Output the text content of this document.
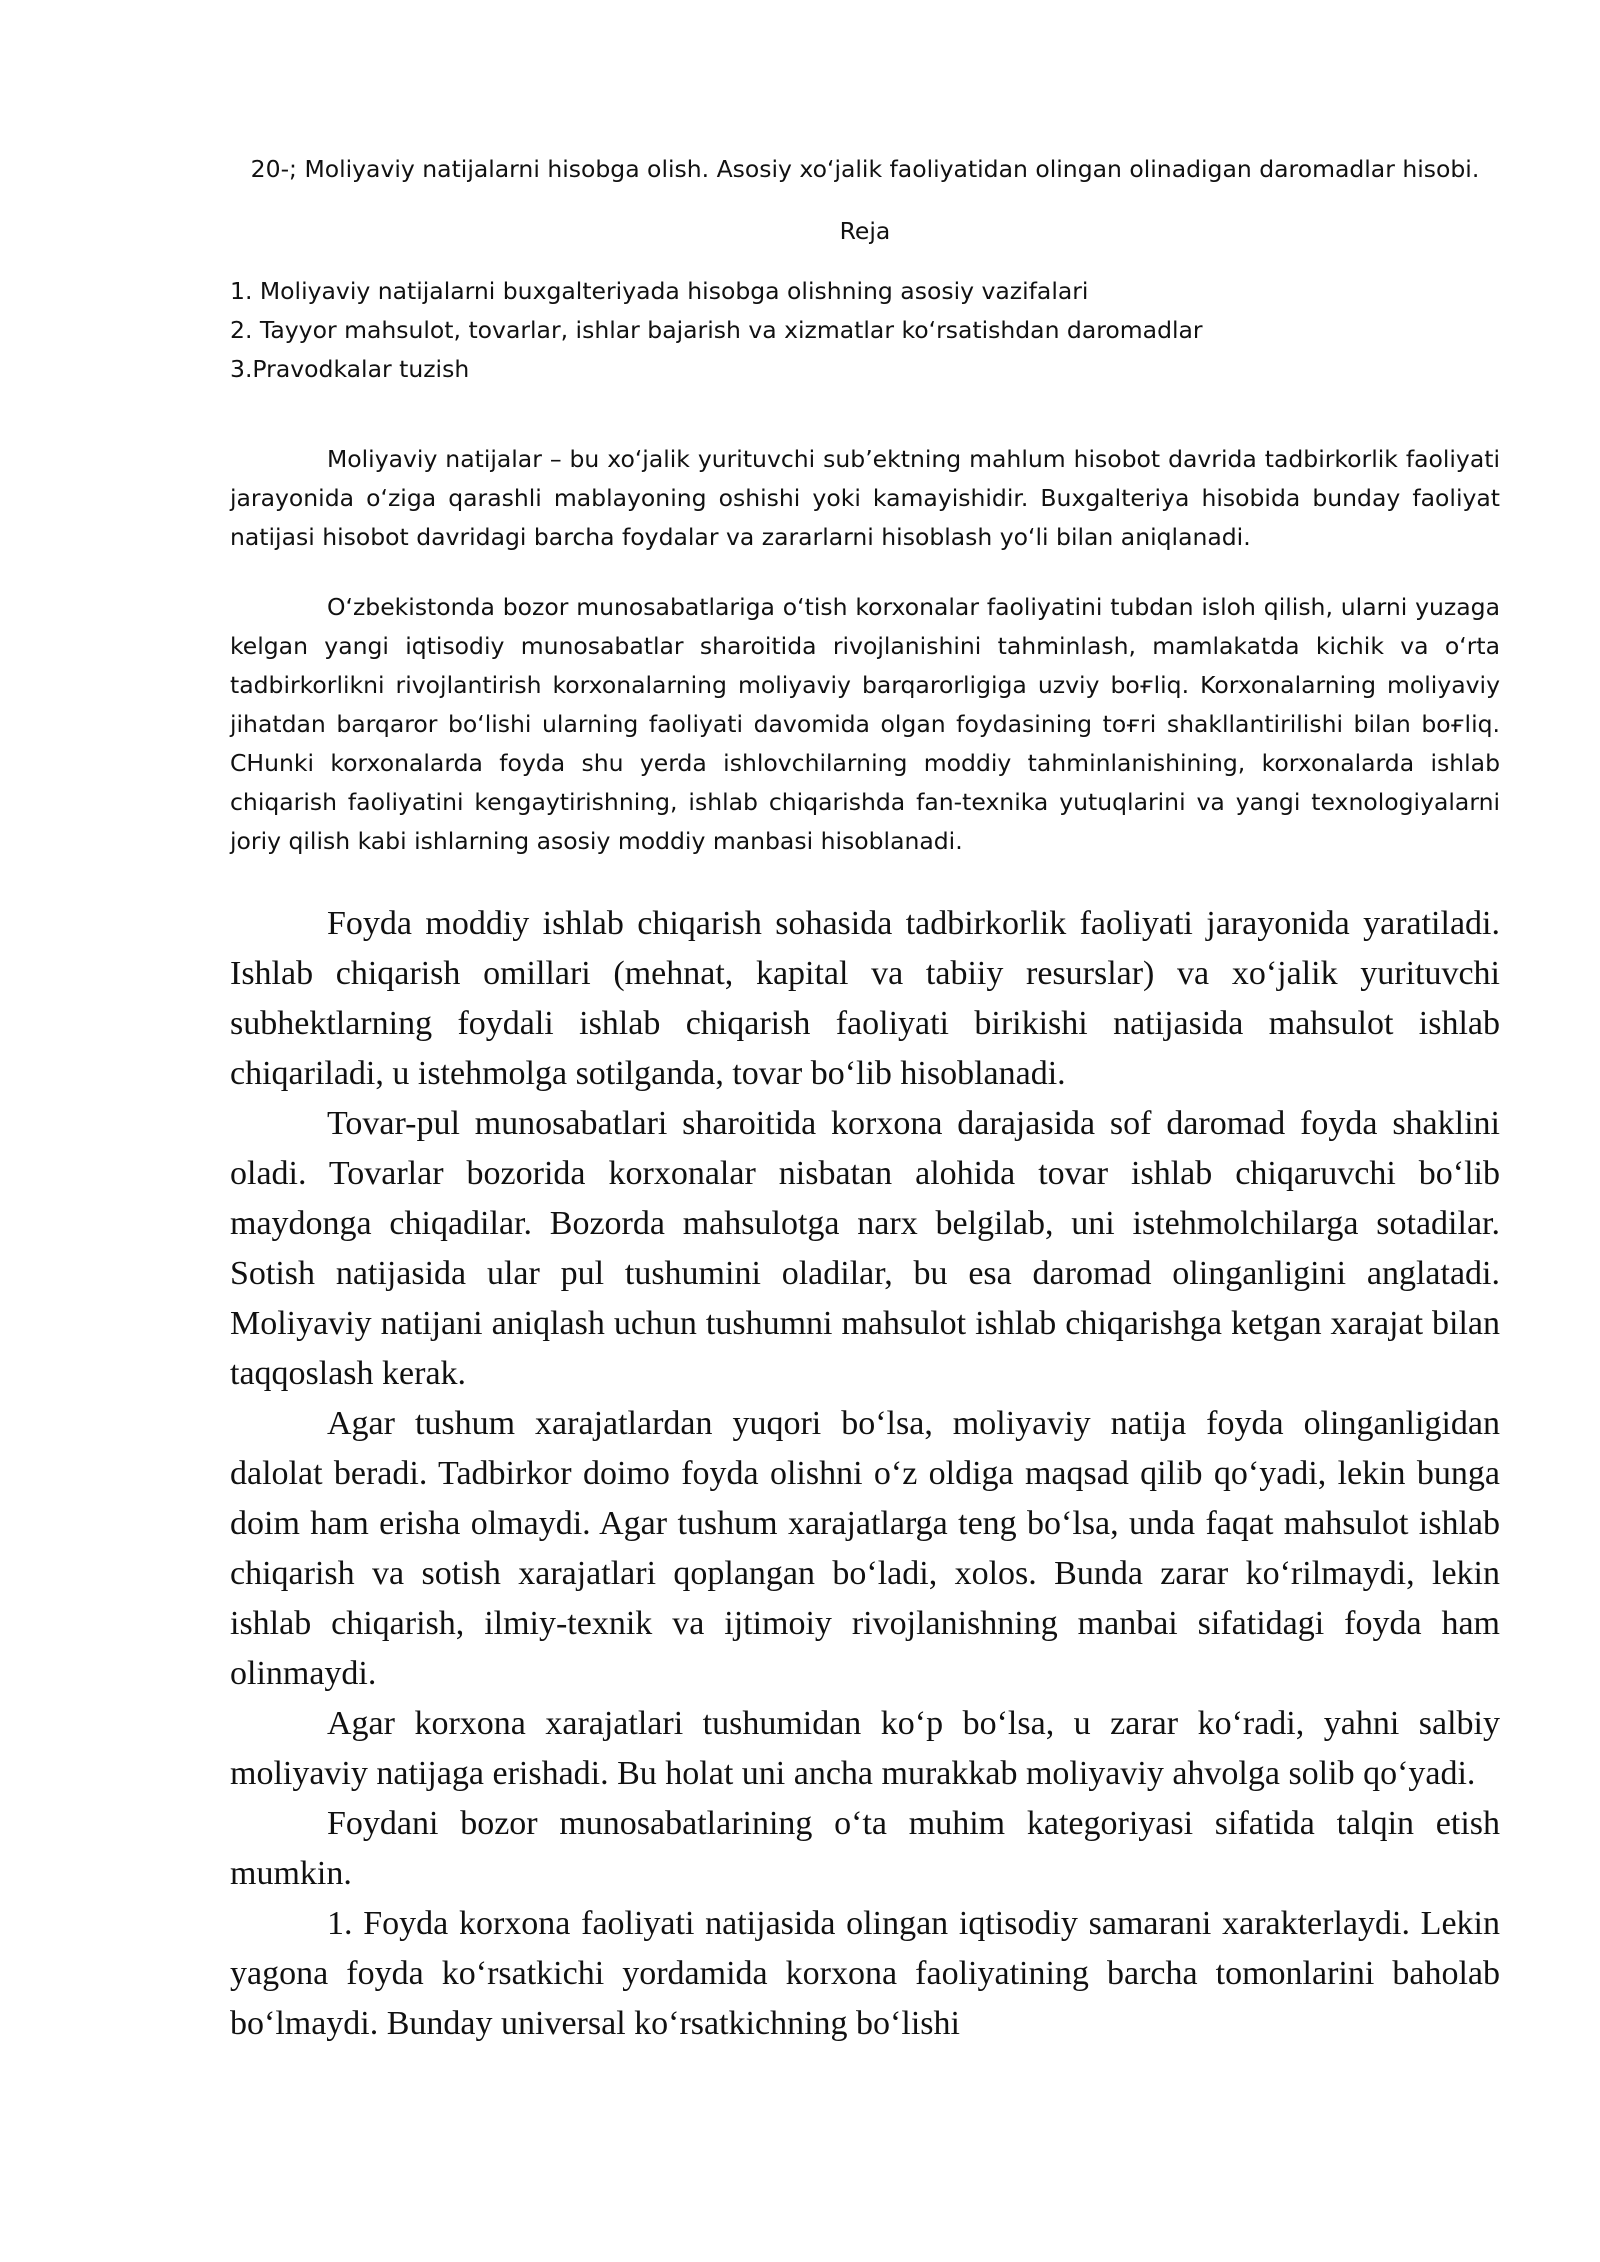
20-; Moliyaviy natijalarni hisobga olish. Asosiy xo‘jalik faoliyatidan olingan olinadigan daromadlar hisobi.
Reja
1. Moliyaviy natijalarni buxgalteriyada hisobga olishning asosiy vazifalari
2. Tayyor mahsulot, tovarlar, ishlar bajarish va xizmatlar ko‘rsatishdan daromadlar
3.Pravodkalar tuzish

Moliyaviy natijalar – bu xo‘jalik yurituvchi sub’ektning mahlum hisobot davrida tadbirkorlik faoliyati jarayonida o‘ziga qarashli mablayoning oshishi yoki kamayishidir. Buxgalteriya hisobida bunday faoliyat natijasi hisobot davridagi barcha foydalar va zararlarni hisoblash yo‘li bilan aniqlanadi.

O‘zbekistonda bozor munosabatlariga o‘tish korxonalar faoliyatini tubdan isloh qilish, ularni yuzaga kelgan yangi iqtisodiy munosabatlar sharoitida rivojlanishini tahminlash, mamlakatda kichik va o‘rta tadbirkorlikni rivojlantirish korxonalarning moliyaviy barqarorligiga uzviy boғliq. Korxonalarning moliyaviy jihatdan barqaror bo‘lishi ularning faoliyati davomida olgan foydasining toғri shakllantirilishi bilan boғliq. CHunki korxonalarda foyda shu yerda ishlovchilarning moddiy tahminlanishining, korxonalarda ishlab chiqarish faoliyatini kengaytirishning, ishlab chiqarishda fan-texnika yutuqlarini va yangi texnologiyalarni joriy qilish kabi ishlarning asosiy moddiy manbasi hisoblanadi.

Foyda moddiy ishlab chiqarish sohasida tadbirkorlik faoliyati jarayonida yaratiladi. Ishlab chiqarish omillari (mehnat, kapital va tabiiy resurslar) va xo‘jalik yurituvchi subhektlarning foydali ishlab chiqarish faoliyati birikishi natijasida mahsulot ishlab chiqariladi, u istehmolga sotilganda, tovar bo‘lib hisoblanadi.

Tovar-pul munosabatlari sharoitida korxona darajasida sof daromad foyda shaklini oladi. Tovarlar bozorida korxonalar nisbatan alohida tovar ishlab chiqaruvchi bo‘lib maydonga chiqadilar. Bozorda mahsulotga narx belgilab, uni istehmolchilarga sotadilar. Sotish natijasida ular pul tushumini oladilar, bu esa daromad olinganligini anglatadi. Moliyaviy natijani aniqlash uchun tushumni mahsulot ishlab chiqarishga ketgan xarajat bilan taqqoslash kerak.

Agar tushum xarajatlardan yuqori bo‘lsa, moliyaviy natija foyda olinganligidan dalolat beradi. Tadbirkor doimo foyda olishni o‘z oldiga maqsad qilib qo‘yadi, lekin bunga doim ham erisha olmaydi. Agar tushum xarajatlarga teng bo‘lsa, unda faqat mahsulot ishlab chiqarish va sotish xarajatlari qoplangan bo‘ladi, xolos. Bunda zarar ko‘rilmaydi, lekin ishlab chiqarish, ilmiy-texnik va ijtimoiy rivojlanishning manbai sifatidagi foyda ham olinmaydi.

Agar korxona xarajatlari tushumidan ko‘p bo‘lsa, u zarar ko‘radi, yahni salbiy moliyaviy natijaga erishadi. Bu holat uni ancha murakkab moliyaviy ahvolga solib qo‘yadi.

Foydani bozor munosabatlarining o‘ta muhim kategoriyasi sifatida talqin etish mumkin.

1. Foyda korxona faoliyati natijasida olingan iqtisodiy samarani xarakterlaydi. Lekin yagona foyda ko‘rsatkichi yordamida korxona faoliyatining barcha tomonlarini baholab bo‘lmaydi. Bunday universal ko‘rsatkichning bo‘lishi
